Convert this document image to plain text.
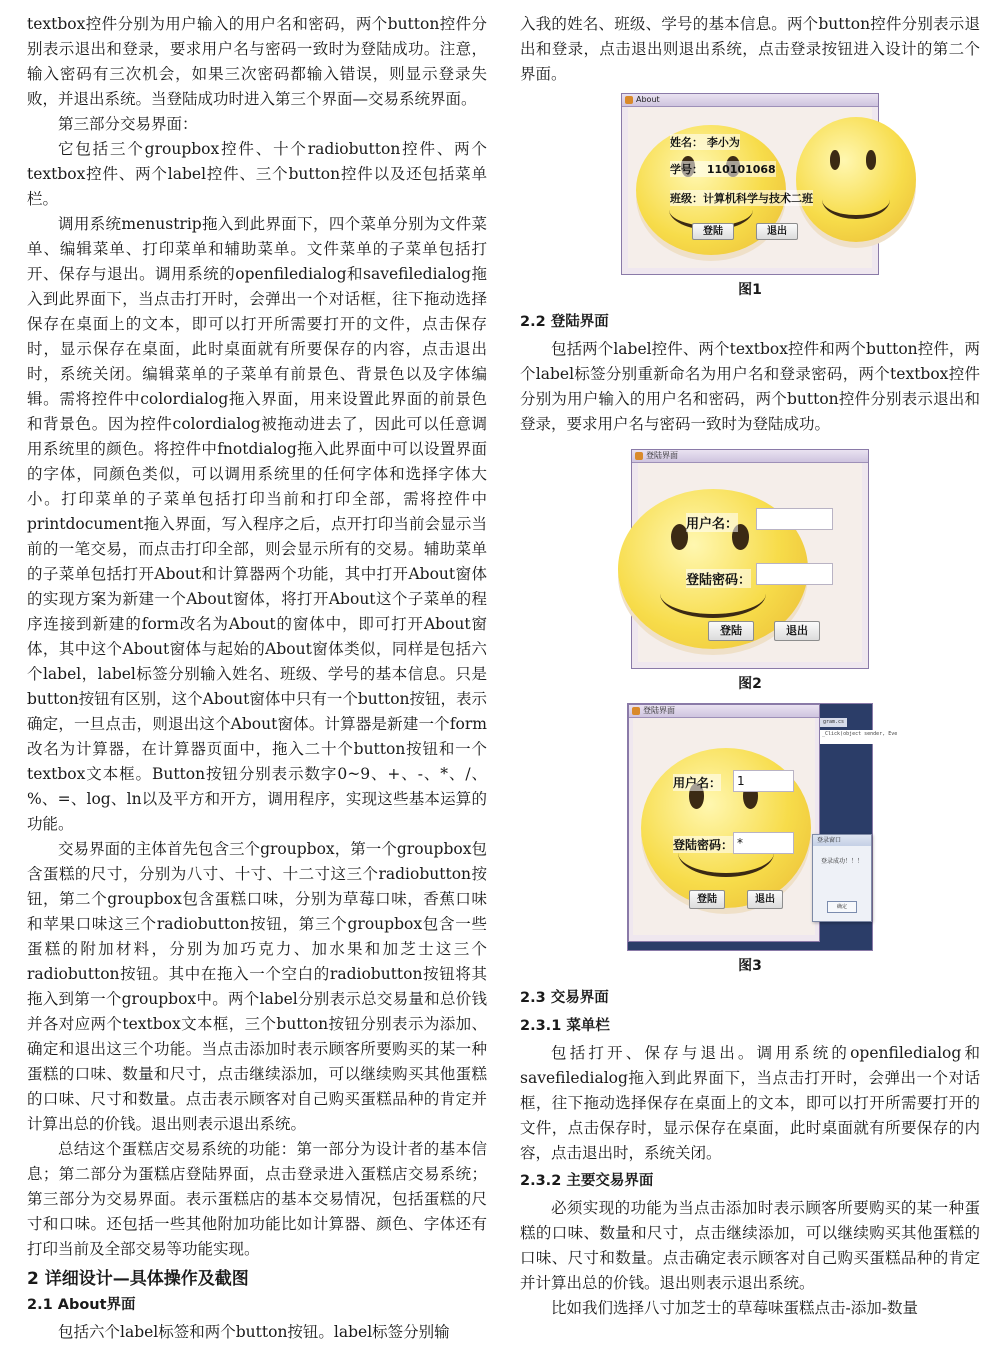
textbox控件分别为用户输入的用户名和密码，两个button控件分别表示退出和登录，要求用户名与密码一致时为登陆成功。注意，输入密码有三次机会，如果三次密码都输入错误，则显示登录失败，并退出系统。当登陆成功时进入第三个界面—交易系统界面。

第三部分交易界面：

它包括三个groupbox控件、十个radiobutton控件、两个textbox控件、两个label控件、三个button控件以及还包括菜单栏。

调用系统menustrip拖入到此界面下，四个菜单分别为文件菜单、编辑菜单、打印菜单和辅助菜单。文件菜单的子菜单包括打开、保存与退出。调用系统的openfiledialog和savefiledialog拖入到此界面下，当点击打开时，会弹出一个对话框，往下拖动选择保存在桌面上的文本，即可以打开所需要打开的文件，点击保存时，显示保存在桌面，此时桌面就有所要保存的内容，点击退出时，系统关闭。编辑菜单的子菜单有前景色、背景色以及字体编辑。需将控件中colordialog拖入界面，用来设置此界面的前景色和背景色。因为控件colordialog被拖动进去了，因此可以任意调用系统里的颜色。将控件中fnotdialog拖入此界面中可以设置界面的字体，同颜色类似，可以调用系统里的任何字体和选择字体大小。打印菜单的子菜单包括打印当前和打印全部，需将控件中printdocument拖入界面，写入程序之后，点开打印当前会显示当前的一笔交易，而点击打印全部，则会显示所有的交易。辅助菜单的子菜单包括打开About和计算器两个功能，其中打开About窗体的实现方案为新建一个About窗体，将打开About这个子菜单的程序连接到新建的form改名为About的窗体中，即可打开About窗体，其中这个About窗体与起始的About窗体类似，同样是包括六个label，label标签分别输入姓名、班级、学号的基本信息。只是button按钮有区别，这个About窗体中只有一个button按钮，表示确定，一旦点击，则退出这个About窗体。计算器是新建一个form改名为计算器，在计算器页面中，拖入二十个button按钮和一个textbox文本框。Button按钮分别表示数字0~9、+、-、*、/、%、=、log、ln以及平方和开方，调用程序，实现这些基本运算的功能。

交易界面的主体首先包含三个groupbox，第一个groupbox包含蛋糕的尺寸，分别为八寸、十寸、十二寸这三个radiobutton按钮，第二个groupbox包含蛋糕口味，分别为草莓口味，香蕉口味和苹果口味这三个radiobutton按钮，第三个groupbox包含一些蛋糕的附加材料，分别为加巧克力、加水果和加芝士这三个radiobutton按钮。其中在拖入一个空白的radiobutton按钮将其拖入到第一个groupbox中。两个label分别表示总交易量和总价钱并各对应两个textbox文本框，三个button按钮分别表示为添加、确定和退出这三个功能。当点击添加时表示顾客所要购买的某一种蛋糕的口味、数量和尺寸，点击继续添加，可以继续购买其他蛋糕的口味、尺寸和数量。点击表示顾客对自己购买蛋糕品种的肯定并计算出总的价钱。退出则表示退出系统。

总结这个蛋糕店交易系统的功能：第一部分为设计者的基本信息；第二部分为蛋糕店登陆界面，点击登录进入蛋糕店交易系统；第三部分为交易界面。表示蛋糕店的基本交易情况，包括蛋糕的尺寸和口味。还包括一些其他附加功能比如计算器、颜色、字体还有打印当前及全部交易等功能实现。

2 详细设计—具体操作及截图
2.1 About界面

包括六个label标签和两个button按钮。label标签分别输

入我的姓名、班级、学号的基本信息。两个button控件分别表示退出和登录，点击退出则退出系统，点击登录按钮进入设计的第二个界面。

About
姓名： 李小为
学号： 110101068
班级：计算机科学与技术二班
登陆	退出
图1
2.2 登陆界面

包括两个label控件、两个textbox控件和两个button控件，两个label标签分别重新命名为用户名和登录密码，两个textbox控件分别为用户输入的用户名和密码，两个button控件分别表示退出和登录，要求用户名与密码一致时为登陆成功。

登陆界面
用户名：
登陆密码：
登陆	退出
图2
gram.cs
_Click(object sender, Eve
登陆界面
用户名：	1
登陆密码： *
登陆	退出
登录窗口
登录成功！！！
确定
图3
2.3 交易界面
2.3.1 菜单栏

包括打开、保存与退出。调用系统的openfiledialog和savefiledialog拖入到此界面下，当点击打开时，会弹出一个对话框，往下拖动选择保存在桌面上的文本，即可以打开所需要打开的文件，点击保存时，显示保存在桌面，此时桌面就有所要保存的内容，点击退出时，系统关闭。

2.3.2 主要交易界面

必须实现的功能为当点击添加时表示顾客所要购买的某一种蛋糕的口味、数量和尺寸，点击继续添加，可以继续购买其他蛋糕的口味、尺寸和数量。点击确定表示顾客对自己购买蛋糕品种的肯定并计算出总的价钱。退出则表示退出系统。

比如我们选择八寸加芝士的草莓味蛋糕点击-添加-数量
